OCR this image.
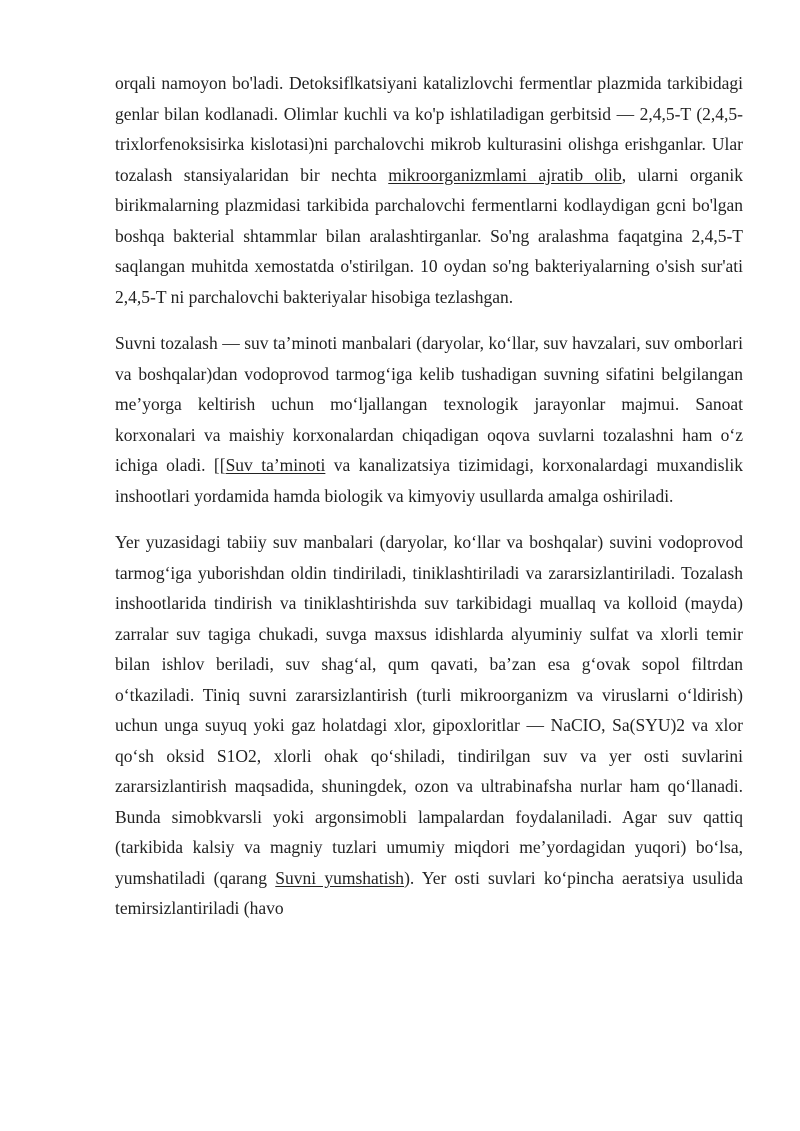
orqali namoyon bo'ladi. Detoksiflkatsiyani katalizlovchi fermentlar plazmida tarkibidagi genlar bilan kodlanadi. Olimlar kuchli va ko'p ishlatiladigan gerbitsid — 2,4,5-T (2,4,5-trixlorfenoksisirka kislotasi)ni parchalovchi mikrob kulturasini olishga erishganlar. Ular tozalash stansiyalaridan bir nechta mikroorganizmlami ajratib olib, ularni organik birikmalarning plazmidasi tarkibida parchalovchi fermentlarni kodlaydigan gcni bo'lgan boshqa bakterial shtammlar bilan aralashtirganlar. So'ng aralashma faqatgina 2,4,5-T saqlangan muhitda xemostatda o'stirilgan. 10 oydan so'ng bakteriyalarning o'sish sur'ati 2,4,5-T ni parchalovchi bakteriyalar hisobiga tezlashgan.

Suvni tozalash — suv ta’minoti manbalari (daryolar, ko‘llar, suv havzalari, suv omborlari va boshqalar)dan vodoprovod tarmog‘iga kelib tushadigan suvning sifatini belgilangan me’yorga keltirish uchun mo‘ljallangan texnologik jarayonlar majmui. Sanoat korxonalari va maishiy korxonalardan chiqadigan oqova suvlarni tozalashni ham o‘z ichiga oladi. [[Suv ta’minoti va kanalizatsiya tizimidagi, korxonalardagi muxandislik inshootlari yordamida hamda biologik va kimyoviy usullarda amalga oshiriladi.

Yer yuzasidagi tabiiy suv manbalari (daryolar, ko‘llar va boshqalar) suvini vodoprovod tarmog‘iga yuborishdan oldin tindiriladi, tiniklashtiriladi va zararsizlantiriladi. Tozalash inshootlarida tindirish va tiniklashtirishda suv tarkibidagi muallaq va kolloid (mayda) zarralar suv tagiga chukadi, suvga maxsus idishlarda alyuminiy sulfat va xlorli temir bilan ishlov beriladi, suv shag‘al, qum qavati, ba’zan esa g‘ovak sopol filtrdan o‘tkaziladi. Tiniq suvni zararsizlantirish (turli mikroorganizm va viruslarni o‘ldirish) uchun unga suyuq yoki gaz holatdagi xlor, gipoxloritlar — NaCIO, Sa(SYU)2 va xlor qo‘sh oksid S1O2, xlorli ohak qo‘shiladi, tindirilgan suv va yer osti suvlarini zararsizlantirish maqsadida, shuningdek, ozon va ultrabinafsha nurlar ham qo‘llanadi. Bunda simobkvarsli yoki argonsimobli lampalardan foydalaniladi. Agar suv qattiq (tarkibida kalsiy va magniy tuzlari umumiy miqdori me’yordagidan yuqori) bo‘lsa, yumshatiladi (qarang Suvni yumshatish). Yer osti suvlari ko‘pincha aeratsiya usulida temirsizlantiriladi (havo
